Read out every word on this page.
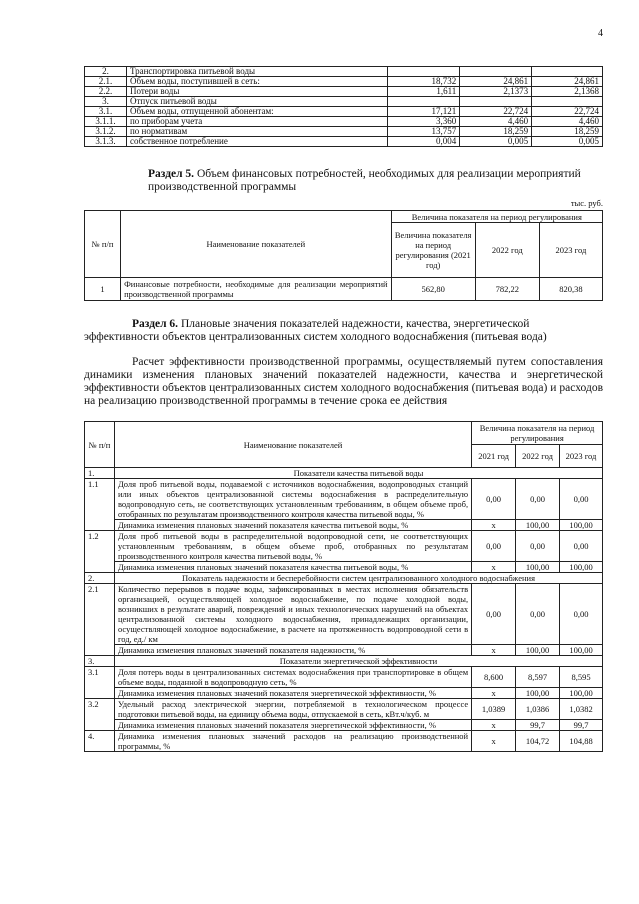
4
2.	Транспортировка питьевой воды			
2.1.	Объем воды, поступившей в сеть:	18,732	24,861	24,861
2.2.	Потери воды	1,611	2,1373	2,1368
3.	Отпуск питьевой воды			
3.1.	Объем воды, отпущенной абонентам:	17,121	22,724	22,724
3.1.1.	по приборам учета	3,360	4,460	4,460
3.1.2.	по нормативам	13,757	18,259	18,259
3.1.3.	собственное потребление	0,004	0,005	0,005
Раздел 5. Объем финансовых потребностей, необходимых для реализации мероприятий производственной программы
тыс. руб.
№ п/п	Наименование показателей	Величина показателя на период регулирования		
		Величина показателя на период регулирования (2021 год)	2022 год	2023 год
1	Финансовые потребности, необходимые для реализации мероприятий производственной программы	562,80	782,22	820,38
Раздел 6. Плановые значения показателей надежности, качества, энергетической эффективности объектов централизованных систем холодного водоснабжения (питьевая вода)
Расчет эффективности производственной программы, осуществляемый путем сопоставления динамики изменения плановых значений показателей надежности, качества и энергетической эффективности объектов централизованных систем холодного водоснабжения (питьевая вода) и расходов на реализацию производственной программы в течение срока ее действия
№ п/п	Наименование показателей	Величина показателя на период регулирования		
		2021 год	2022 год	2023 год
1.	Показатели качества питьевой воды			
1.1	Доля проб питьевой воды, подаваемой с источников водоснабжения, водопроводных станций или иных объектов централизованной системы водоснабжения в распределительную водопроводную сеть, не соответствующих установленным требованиям, в общем объеме проб, отобранных по результатам производственного контроля качества питьевой воды, %	0,00	0,00	0,00
	Динамика изменения плановых значений показателя качества питьевой воды, %	х	100,00	100,00
1.2	Доля проб питьевой воды в распределительной водопроводной сети, не соответствующих установленным требованиям, в общем объеме проб, отобранных по результатам производственного контроля качества питьевой воды, %	0,00	0,00	0,00
	Динамика изменения плановых значений показателя качества питьевой воды, %	х	100,00	100,00
2.	Показатель надежности и бесперебойности систем централизованного холодного водоснабжения			
2.1	Количество перерывов в подаче воды, зафиксированных в местах исполнения обязательств организацией, осуществляющей холодное водоснабжение, по подаче холодной воды, возникших в результате аварий, повреждений и иных технологических нарушений на объектах централизованной системы холодного водоснабжения, принадлежащих организации, осуществляющей холодное водоснабжение, в расчете на протяженность водопроводной сети в год, ед./ км	0,00	0,00	0,00
	Динамика изменения плановых значений показателя надежности, %	х	100,00	100,00
3.	Показатели энергетической эффективности			
3.1	Доля потерь воды в централизованных системах водоснабжения при транспортировке в общем объеме воды, поданной в водопроводную сеть, %	8,600	8,597	8,595
	Динамика изменения плановых значений показателя энергетической эффективности, %	х	100,00	100,00
3.2	Удельный расход электрической энергии, потребляемой в технологическом процессе подготовки питьевой воды, на единицу объема воды, отпускаемой в сеть, кВт.ч/куб. м	1,0389	1,0386	1,0382
	Динамика изменения плановых значений показателя энергетической эффективности, %	х	99,7	99,7
4.	Динамика изменения плановых значений расходов на реализацию производственной программы, %	х	104,72	104,88
